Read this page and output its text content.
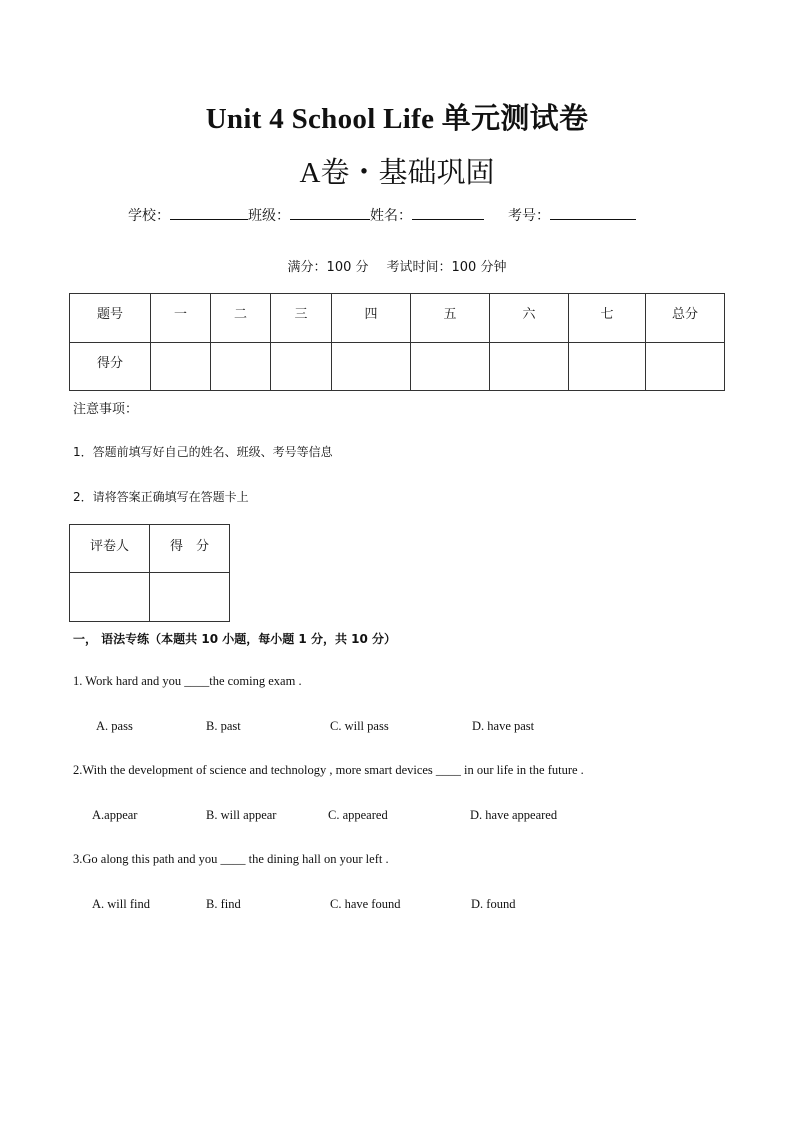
Unit 4 School Life 单元测试卷
A卷・基础巩固
学校：	班级：	姓名：	考号：
满分：100 分 考试时间：100 分钟
题号	一	二	三	四	五	六	七	总分
得分								
注意事项：
1．答题前填写好自己的姓名、班级、考号等信息
2．请将答案正确填写在答题卡上
评卷人	得　分

一， 语法专练（本题共 10 小题，每小题 1 分，共 10 分）
1. Work hard and you ____the coming exam .
A. pass	B. past	C. will pass	D. have past
2.With the development of science and technology , more smart devices ____ in our life in the future .
A.appear	B. will appear	C. appeared	D. have appeared
3.Go along this path and you ____ the dining hall on your left .
A. will find	B. find	C. have found	D. found
